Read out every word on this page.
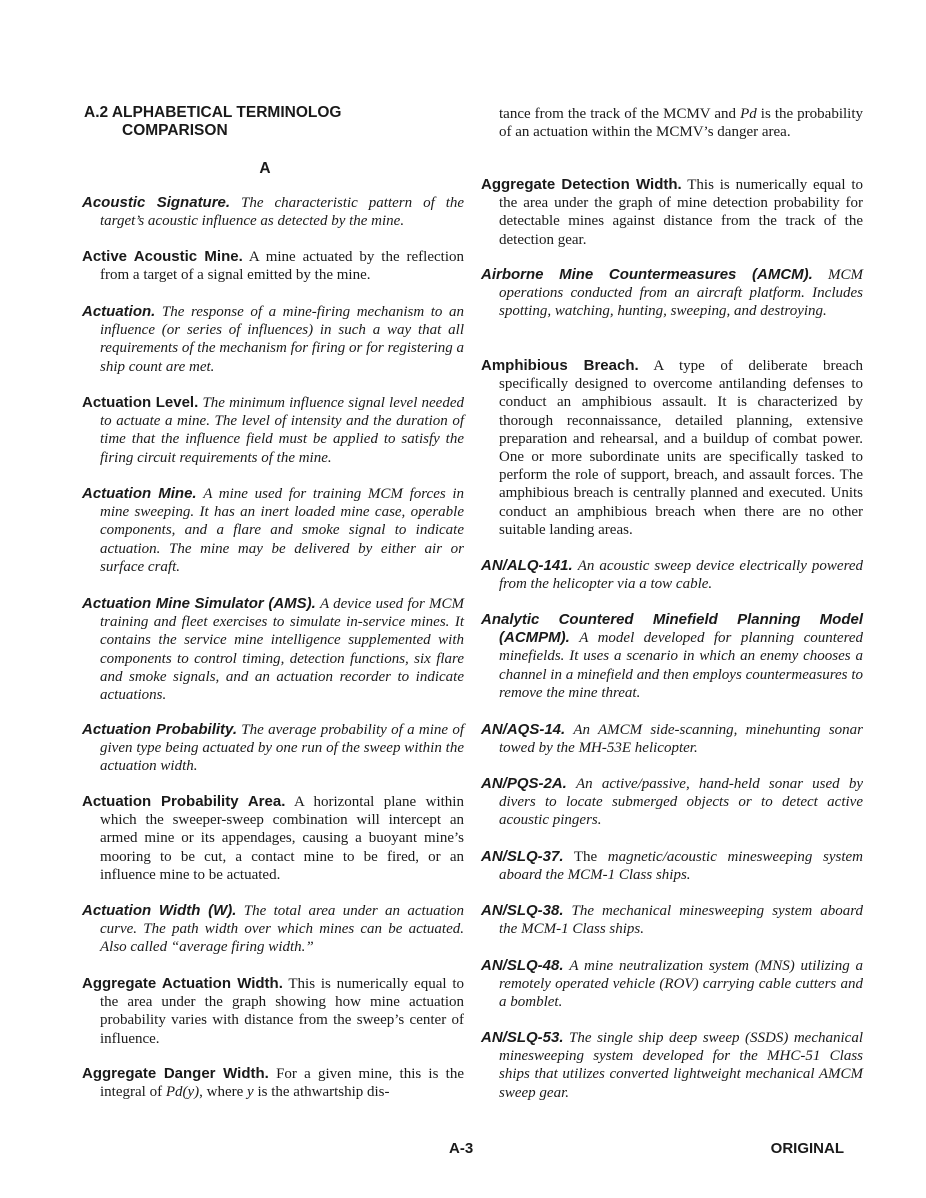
A.2 ALPHABETICAL TERMINOLOG
COMPARISON
A
Acoustic Signature. The characteristic pattern of the target’s acoustic influence as detected by the mine.
Active Acoustic Mine. A mine actuated by the reflection from a target of a signal emitted by the mine.
Actuation. The response of a mine-firing mechanism to an influence (or series of influences) in such a way that all requirements of the mechanism for firing or for registering a ship count are met.
Actuation Level. The minimum influence signal level needed to actuate a mine. The level of intensity and the duration of time that the influence field must be applied to satisfy the firing circuit requirements of the mine.
Actuation Mine. A mine used for training MCM forces in mine sweeping. It has an inert loaded mine case, operable components, and a flare and smoke signal to indicate actuation. The mine may be delivered by either air or surface craft.
Actuation Mine Simulator (AMS). A device used for MCM training and fleet exercises to simulate in-service mines. It contains the service mine intelligence supplemented with components to control timing, detection functions, six flare and smoke signals, and an actuation recorder to indicate actuations.
Actuation Probability. The average probability of a mine of given type being actuated by one run of the sweep within the actuation width.
Actuation Probability Area. A horizontal plane within which the sweeper-sweep combination will intercept an armed mine or its appendages, causing a buoyant mine’s mooring to be cut, a contact mine to be fired, or an influence mine to be actuated.
Actuation Width (W). The total area under an actuation curve. The path width over which mines can be actuated. Also called “average firing width.”
Aggregate Actuation Width. This is numerically equal to the area under the graph showing how mine actuation probability varies with distance from the sweep’s center of influence.
Aggregate Danger Width. For a given mine, this is the integral of Pd(y), where y is the athwartship dis-
tance from the track of the MCMV and Pd is the probability of an actuation within the MCMV’s danger area.
Aggregate Detection Width. This is numerically equal to the area under the graph of mine detection probability for detectable mines against distance from the track of the detection gear.
Airborne Mine Countermeasures (AMCM). MCM operations conducted from an aircraft platform. Includes spotting, watching, hunting, sweeping, and destroying.
Amphibious Breach. A type of deliberate breach specifically designed to overcome antilanding defenses to conduct an amphibious assault. It is characterized by thorough reconnaissance, detailed planning, extensive preparation and rehearsal, and a buildup of combat power. One or more subordinate units are specifically tasked to perform the role of support, breach, and assault forces. The amphibious breach is centrally planned and executed. Units conduct an amphibious breach when there are no other suitable landing areas.
AN/ALQ-141. An acoustic sweep device electrically powered from the helicopter via a tow cable.
Analytic Countered Minefield Planning Model (ACMPM). A model developed for planning countered minefields. It uses a scenario in which an enemy chooses a channel in a minefield and then employs countermeasures to remove the mine threat.
AN/AQS-14. An AMCM side-scanning, minehunting sonar towed by the MH-53E helicopter.
AN/PQS-2A. An active/passive, hand-held sonar used by divers to locate submerged objects or to detect active acoustic pingers.
AN/SLQ-37. The magnetic/acoustic minesweeping system aboard the MCM-1 Class ships.
AN/SLQ-38. The mechanical minesweeping system aboard the MCM-1 Class ships.
AN/SLQ-48. A mine neutralization system (MNS) utilizing a remotely operated vehicle (ROV) carrying cable cutters and a bomblet.
AN/SLQ-53. The single ship deep sweep (SSDS) mechanical minesweeping system developed for the MHC-51 Class ships that utilizes converted lightweight mechanical AMCM sweep gear.
A-3	ORIGINAL
